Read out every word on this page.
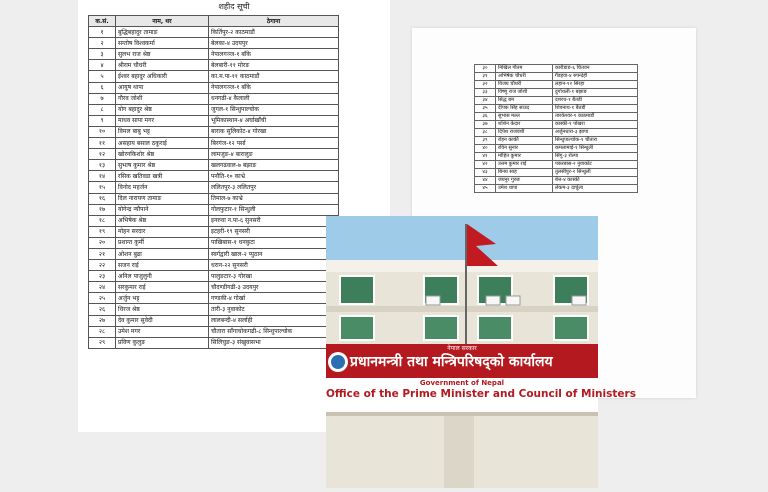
शहीद सूची
क.सं.	नाम, थर	ठेगाना
१	बुद्धिबहादुर तामाङ	किर्तिपुर-२ काठमाडौं
२	सन्तोष विश्वकर्मा	बेलका-४ उदयपुर
३	सुलभ राज श्रेष्ठ	नेपालगञ्ज-१ बाँके
४	श्रीराम चौधरी	बेलबारी-११ मोरङ
५	ईश्वर बहादुर अधिकारी	का.म.पा-११ काठमाडौं
६	आयुष थापा	नेपालगञ्ज-१ बाँके
७	गौरव जोशी	धनगढी-४ कैलाली
८	योग बहादुर श्रेष्ठ	जुगल-१ सिन्धुपाल्चोक
९	माधव सापा मगर	भूमिकास्थान-४ अर्घाखाँची
१०	विमल बाबु भट्ट	बाराक सुलिकोट-४ गोरखा
११	असहाय बसाल ठकुराई	बिरगंज-१२ पर्सा
१२	खोरनकिशोर श्रेष्ठ	लामजुङ-४ बारालुङ
१३	सुभाष कुमार श्रेष्ठ	खलगढवाल-७ बझाङ
१४	रसिक खतिवडा खत्री	पनौति-१० काभ्रे
१५	विनोद महर्जन	ललितपुर-३ ललितपुर
१६	दिल नारायण तामाङ	तिमाल-७ काभ्रे
१७	योगेन्द्र न्यौपाने	गोलफुटार-१ सिन्धुली
१८	अभिषेक श्रेष्ठ	इनरुवा न.पा-६ सुनसरी
१९	मोहन सरदार	इटहरी-१९ सुनसरी
२०	प्रशान्त कुर्मी	पाखिबास-१ धनकुटा
२१	ओशन बुढा	स्वर्गद्वारी खाल-२ प्युठान
२२	सजन राई	धरान-२२ सुनसरी
२३	अनिल पाजुलुनी	पालुङटार-३ गोरखा
२४	सरकुमार राई	चौदण्डीगढी-३ उदयपुर
२५	अर्जुन भट्ट	गण्डकी-४ गोर्खा
२६	धिरज श्रेष्ठ	तारी-३ नुवाकोट
२७	देव कुमार सुवेदी	लालबन्दी-४ सर्लाही
२८	उमेश मगर	चौतारा साँगाचोकगढी-८ सिन्धुपाल्चोक
२९	प्रविण कुलुङ	सिलिचुङ-३ संखुवासभा
३०	निखिल गौतम	कारीडाङ-६ चितवन
३१	अभिषेक चौधरी	गैंडहवा-४ रुपन्देही
३२	विजय चौधरी	लहान-१२ सिरहा
३३	विष्णु राज जोशी	दुर्गाथली-१ बझाङ
३४	सिद्ध बम	दशरथ-१ बैतडी
३५	दीपक सिंह साउद	शिवनाथ-१ बैतडी
३६	सुभास मल्ल	तारकेश्वर-१ काठमाडौं
३७	शशिन केदार	कास्की-१ पोखरा
३८	दिपेश राजवंशी	अर्जुनधारा-३ झापा
३९	रोहन कार्की	सिन्धुपाल्चोक-१ चौतारा
४०	रविन सुनार	कमलामाई-१ सिन्धुली
४१	मोहित कुमार	सिंगु-३ रोल्पा
४२	उत्तम कुमार राई	पकरबास-२ नुवाकोट
४३	बिनय साह	तुलसीपुर-२ सिन्धुली
४४	जयनुर गुरुङ	बेत्त-४ कास्की
४५	उमेश थापा	लेकम-३ दार्चुला
नेपाल सरकार
प्रधानमन्त्री तथा मन्त्रिपरिषद्‌को कार्यालय
Government of Nepal
Office of the Prime Minister and Council of Ministers
